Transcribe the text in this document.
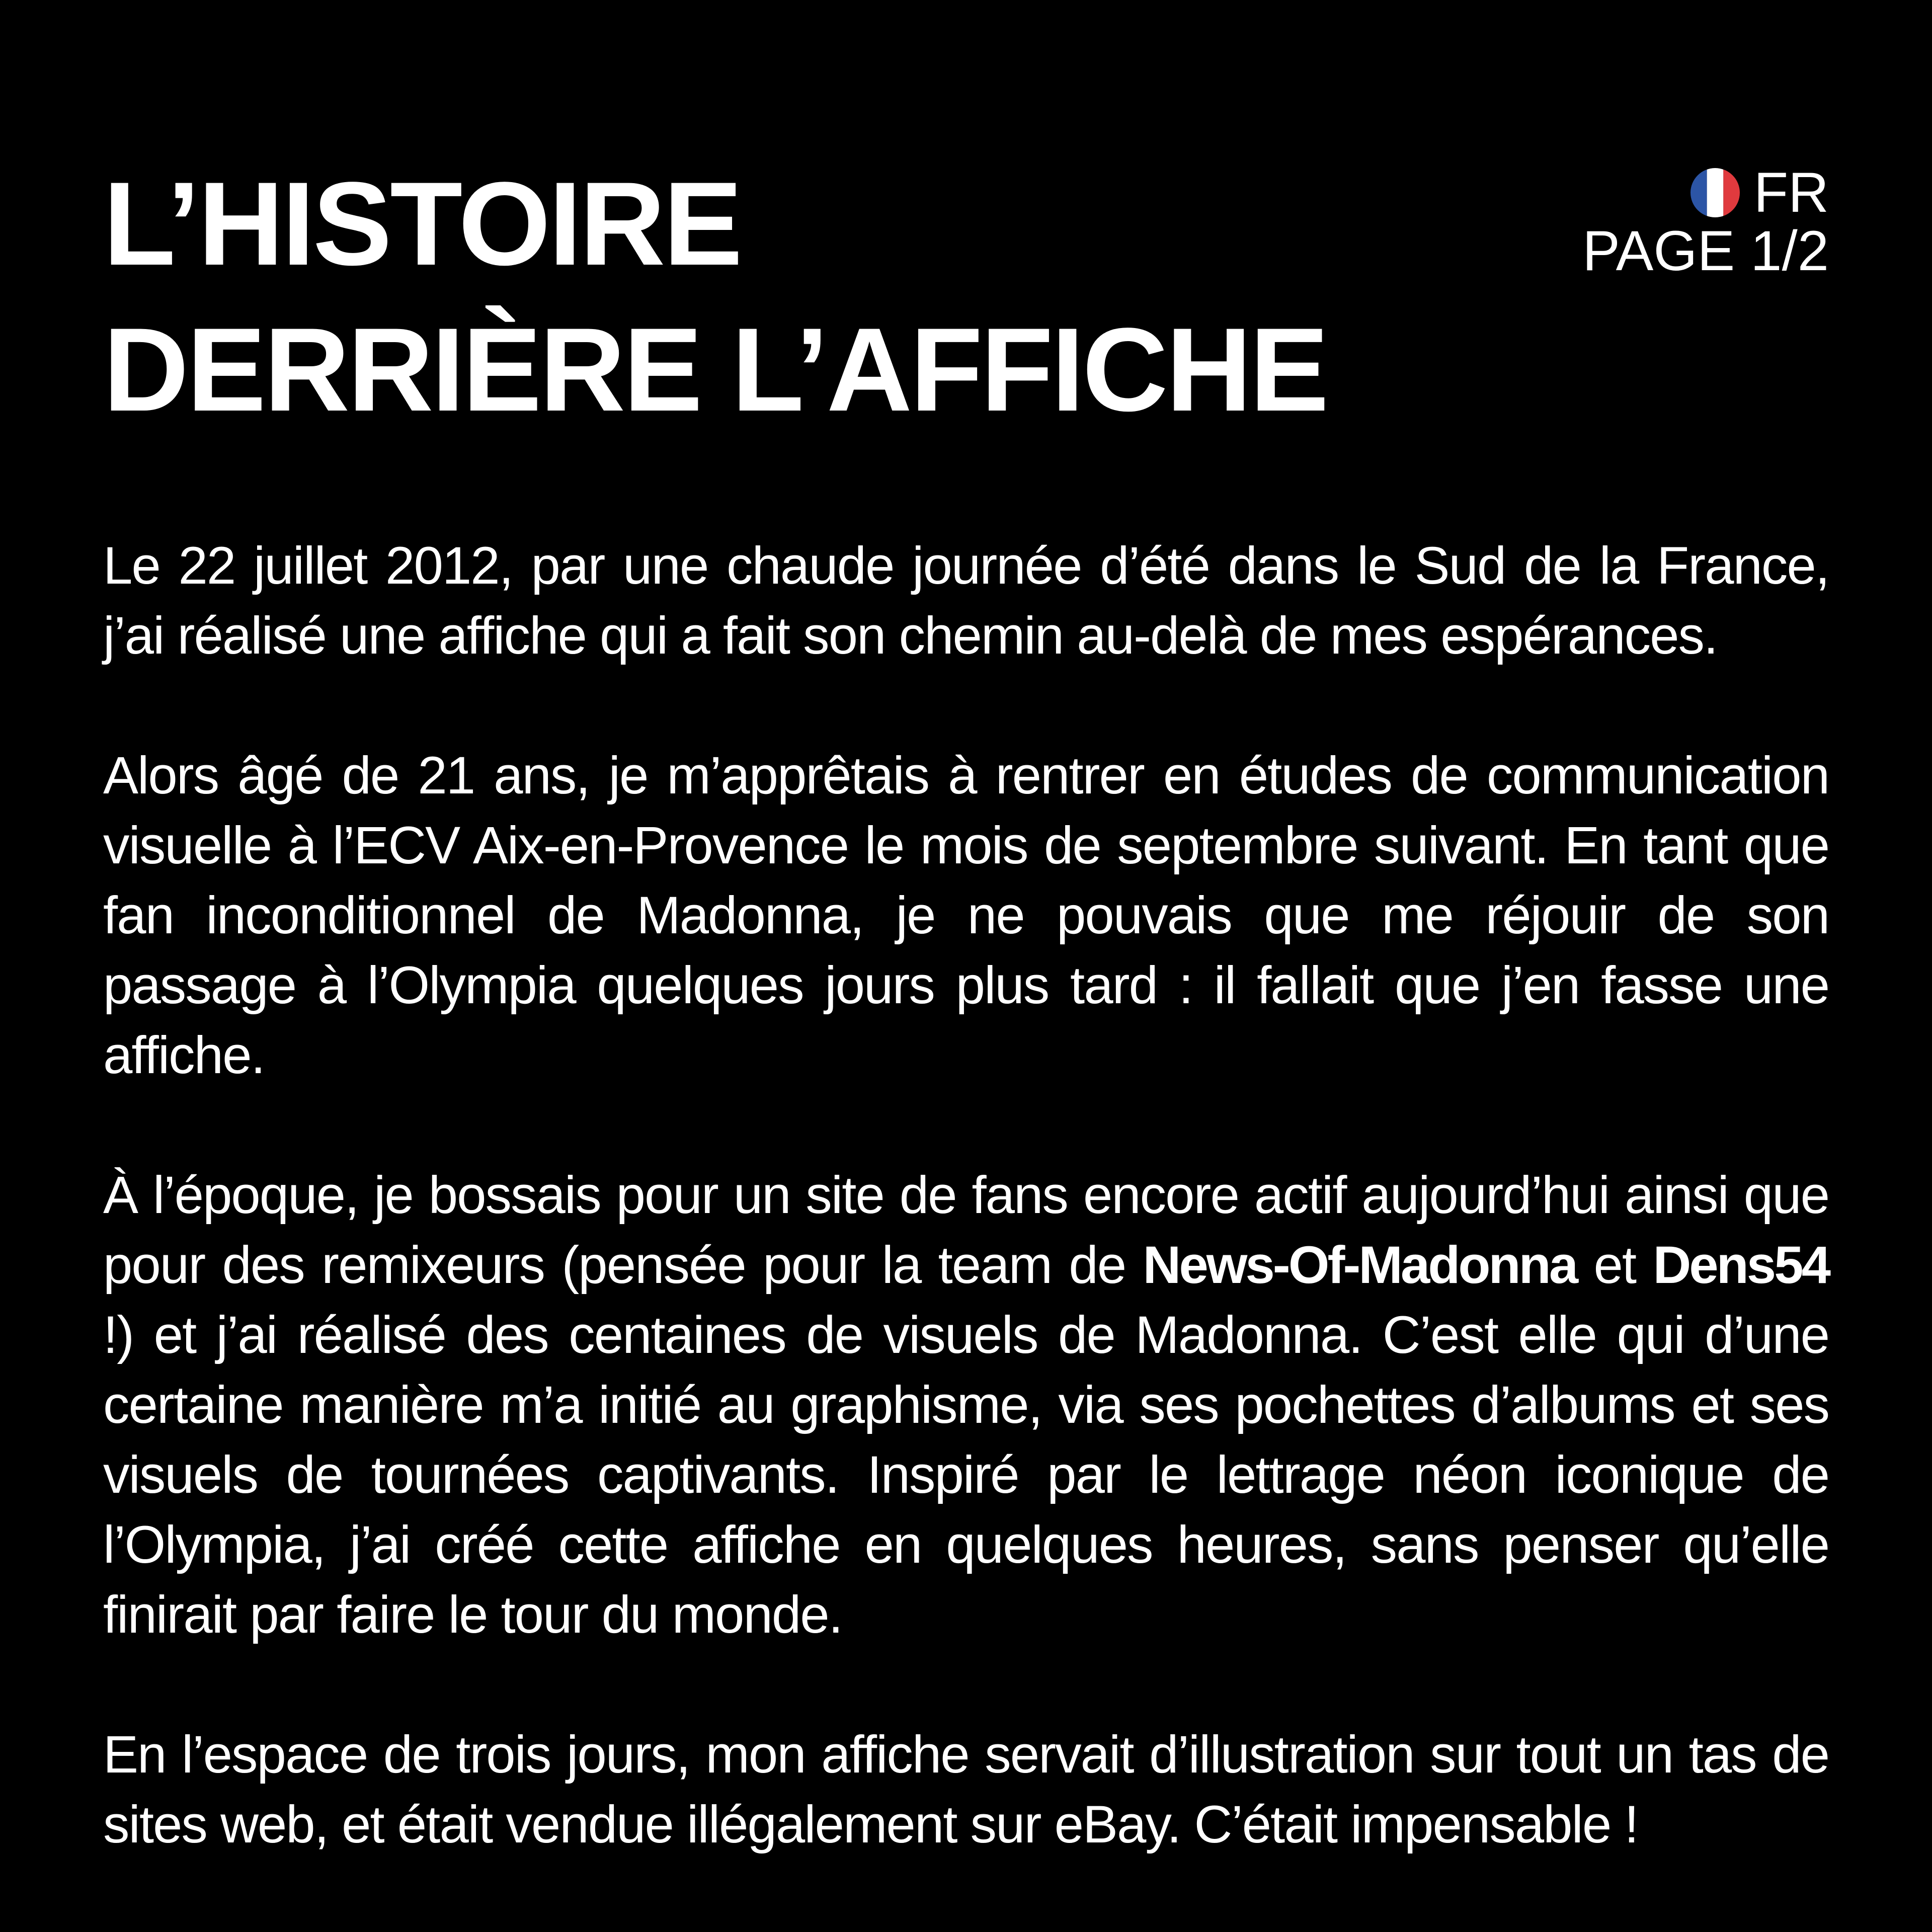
L’HISTOIRE
DERRIÈRE L’AFFICHE
FR
PAGE 1/2

Le 22 juillet 2012, par une chaude journée d’été dans le Sud de la France, j’ai réalisé une affiche qui a fait son chemin au-delà de mes espérances.

Alors âgé de 21 ans, je m’apprêtais à rentrer en études de communication visuelle à l’ECV Aix-en-Provence le mois de septembre suivant. En tant que fan inconditionnel de Madonna, je ne pouvais que me réjouir de son passage à l’Olympia quelques jours plus tard : il fallait que j’en fasse une affiche.

À l’époque, je bossais pour un site de fans encore actif aujourd’hui ainsi que pour des remixeurs (pensée pour la team de News-Of-Madonna et Dens54 !) et j’ai réalisé des centaines de visuels de Madonna. C’est elle qui d’une certaine manière m’a initié au graphisme, via ses pochettes d’albums et ses visuels de tournées captivants. Inspiré par le lettrage néon iconique de l’Olympia, j’ai créé cette affiche en quelques heures, sans penser qu’elle finirait par faire le tour du monde.

En l’espace de trois jours, mon affiche servait d’illustration sur tout un tas de sites web, et était vendue illégalement sur eBay. C’était impensable !
